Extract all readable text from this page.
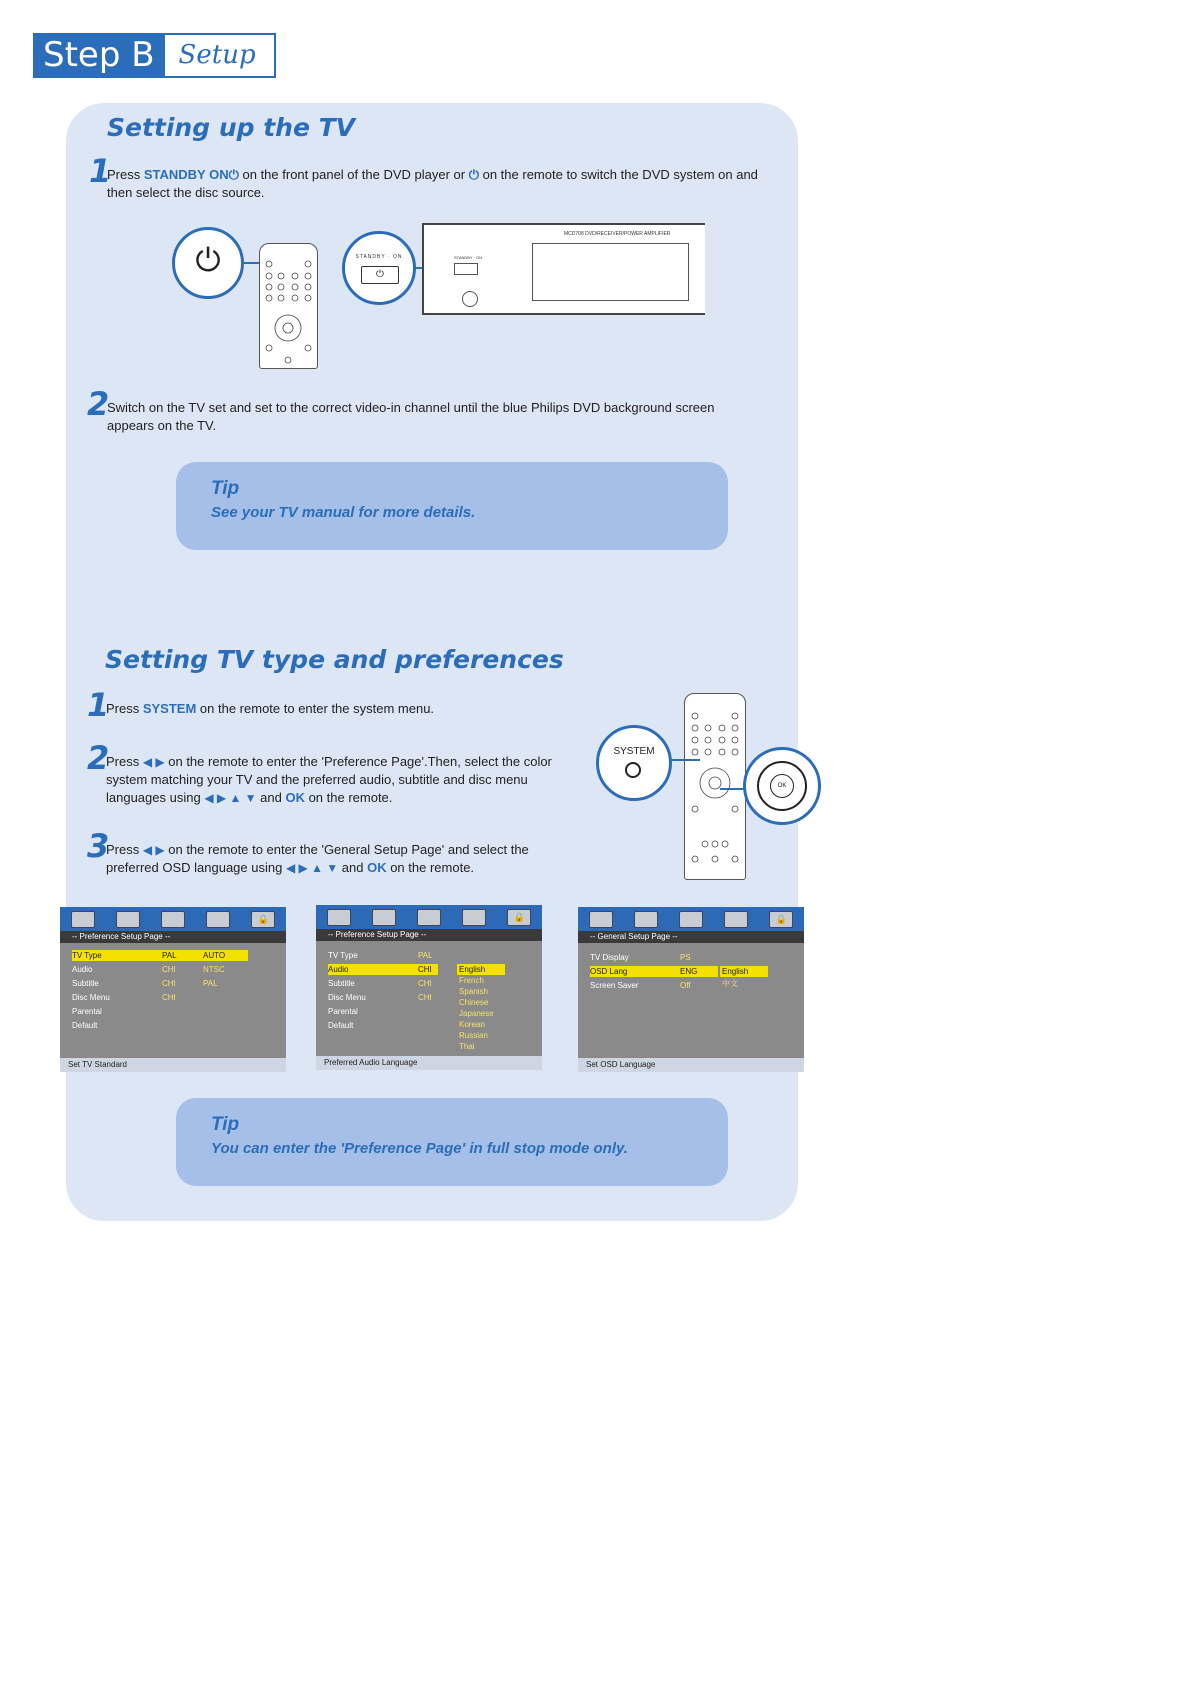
Step B Setup
Setting up the TV
1
Press STANDBY ON⏻ on the front panel of the DVD player or ⏻ on the remote to switch the DVD system on and then select the disc source.
⏻	STANDBY · ON
⏻
MCD708 DVD/RECEIVER/POWER AMPLIFIER
STANDBY · ON
2
Switch on the TV set and set to the correct video-in channel until the blue Philips DVD background screen appears on the TV.
Tip
See your TV manual for more details.
Setting TV type and preferences
1
Press SYSTEM on the remote to enter the system menu.
2
Press ◀ ▶ on the remote to enter the 'Preference Page'.Then, select the color system matching your TV and the preferred audio, subtitle and disc menu languages using ◀ ▶ ▲ ▼ and OK on the remote.
3
Press ◀ ▶ on the remote to enter the 'General Setup Page' and select the preferred OSD language using ◀ ▶ ▲ ▼ and OK on the remote.
SYSTEM
OK
🔒
-- Preference Setup Page --
TV Type	PAL	AUTO
Audio	CHI	NTSC
Subtitle	CHI	PAL
Disc Menu	CHI
Parental
Default
Set TV Standard
🔒
-- Preference Setup Page --
TV Type	PAL
Audio	CHI
Subtitle	CHI
Disc Menu	CHI
Parental
Default
English
French
Spanish
Chinese
Japanese
Korean
Russian
Thai
Preferred Audio Language
🔒
-- General Setup Page --
TV Display	PS
OSD Lang	ENG	English
Screen Saver	Off	中文
Set OSD Language
Tip
You can enter the 'Preference Page' in full stop mode only.
